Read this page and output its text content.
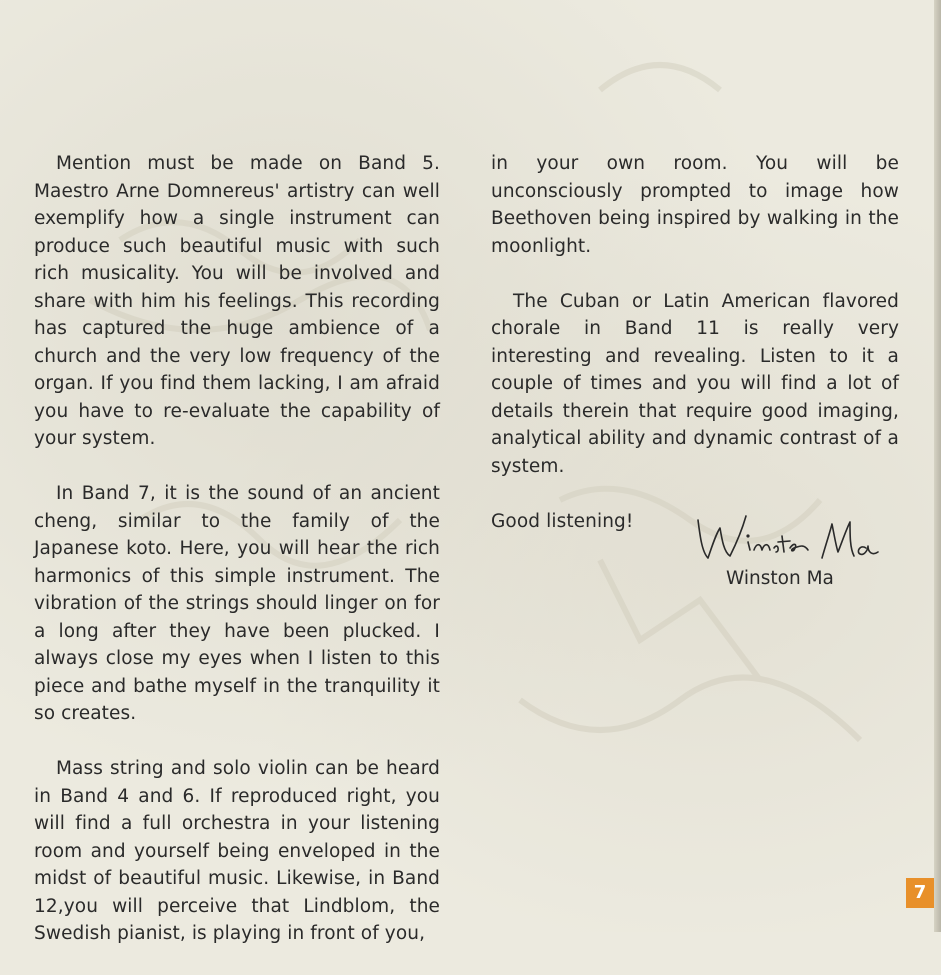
Mention must be made on Band 5. Maestro Arne Domnereus' artistry can well exemplify how a single instrument can produce such beautiful music with such rich musicality. You will be involved and share with him his feelings. This recording has captured the huge ambience of a church and the very low frequency of the organ. If you find them lacking, I am afraid you have to re-evaluate the capability of your system.

In Band 7, it is the sound of an ancient cheng, similar to the family of the Japanese koto. Here, you will hear the rich harmonics of this simple instrument. The vibration of the strings should linger on for a long after they have been plucked. I always close my eyes when I listen to this piece and bathe myself in the tranquility it so creates.

Mass string and solo violin can be heard in Band 4 and 6. If reproduced right, you will find a full orchestra in your listening room and yourself being enveloped in the midst of beautiful music. Likewise, in Band 12,you will perceive that Lindblom, the Swedish pianist, is playing in front of you,

in your own room. You will be unconsciously prompted to image how Beethoven being inspired by walking in the moonlight.

The Cuban or Latin American flavored chorale in Band 11 is really very interesting and revealing. Listen to it a couple of times and you will find a lot of details therein that require good imaging, analytical ability and dynamic contrast of a system.

Good listening!

Winston Ma
7
